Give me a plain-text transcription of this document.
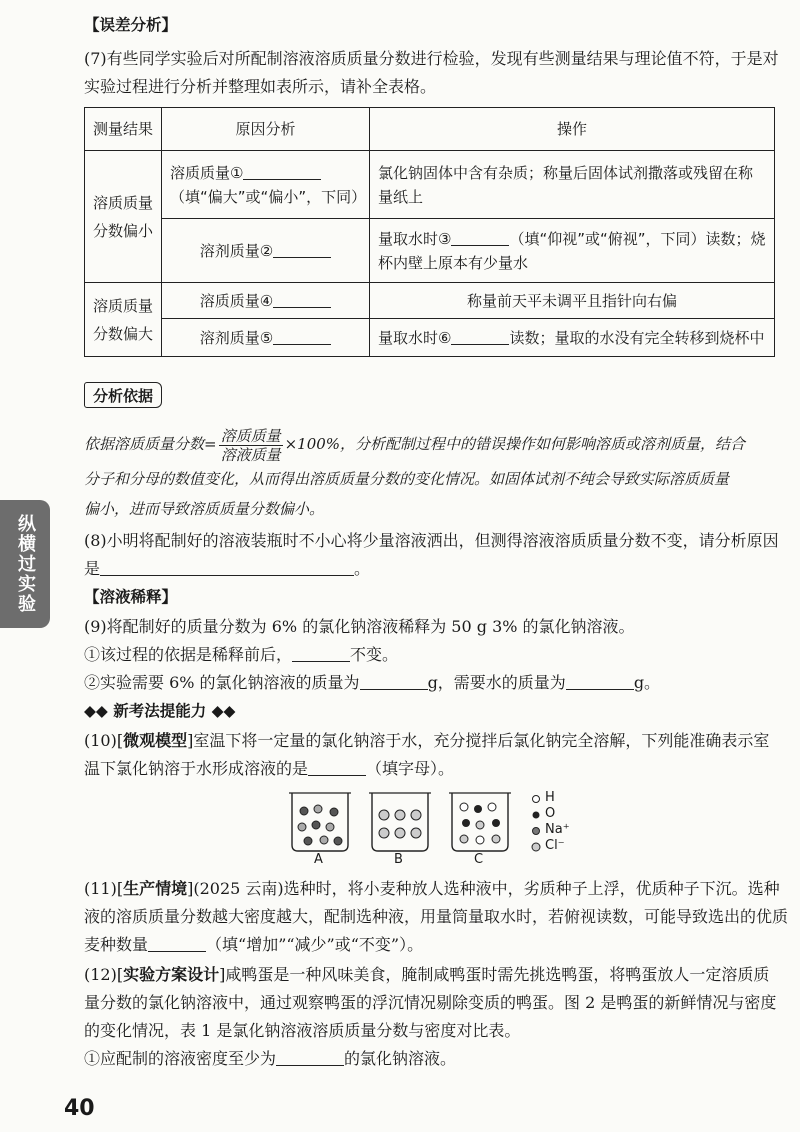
【误差分析】
(7)有些同学实验后对所配制溶液溶质质量分数进行检验，发现有些测量结果与理论值不符，于是对
实验过程进行分析并整理如表所示，请补全表格。
测量结果	原因分析	操作
溶质质量分数偏小	溶质质量①（填“偏大”或“偏小”，下同）	氯化钠固体中含有杂质；称量后固体试剂撒落或残留在称量纸上
	溶剂质量②	量取水时③ （填“仰视”或“俯视”，下同）读数；烧杯内壁上原本有少量水
溶质质量分数偏大	溶质质量④	称量前天平未调平且指针向右偏
	溶剂质量⑤	量取水时⑥ 读数；量取的水没有完全转移到烧杯中
分析依据
依据溶质质量分数= $\frac{\text{溶质质量}}{\text{溶液质量}} \times 100\%$，分析配制过程中的错误操作如何影响溶质或溶剂质量，结合
分子和分母的数值变化，从而得出溶质质量分数的变化情况。如固体试剂不纯会导致实际溶质质量
偏小，进而导致溶质质量分数偏小。
纵横过实验	(8)小明将配制好的溶液装瓶时不小心将少量溶液洒出，但测得溶液溶质质量分数不变，请分析原因
是	。
【溶液稀释】
(9)将配制好的质量分数为 6% 的氯化钠溶液稀释为 50 g 3% 的氯化钠溶液。
①该过程的依据是稀释前后，	不变。
②实验需要 6% 的氯化钠溶液的质量为	g，需要水的质量为	g。
◆◆ 新考法提能力 ◆◆
(10)[微观模型]室温下将一定量的氯化钠溶于水，充分搅拌后氯化钠完全溶解，下列能准确表示室
温下氯化钠溶于水形成溶液的是	（填字母）。
A	B	C
H
O
Na⁺
Cl⁻
(11)[生产情境](2025 云南)选种时，将小麦种放人选种液中，劣质种子上浮，优质种子下沉。选种
液的溶质质量分数越大密度越大，配制选种液，用量筒量取水时，若俯视读数，可能导致选出的优质
麦种数量	（填“增加”“减少”或“不变”）。
(12)[实验方案设计]咸鸭蛋是一种风味美食，腌制咸鸭蛋时需先挑选鸭蛋，将鸭蛋放人一定溶质质
量分数的氯化钠溶液中，通过观察鸭蛋的浮沉情况剔除变质的鸭蛋。图 2 是鸭蛋的新鲜情况与密度
的变化情况，表 1 是氯化钠溶液溶质质量分数与密度对比表。
①应配制的溶液密度至少为	的氯化钠溶液。
40
